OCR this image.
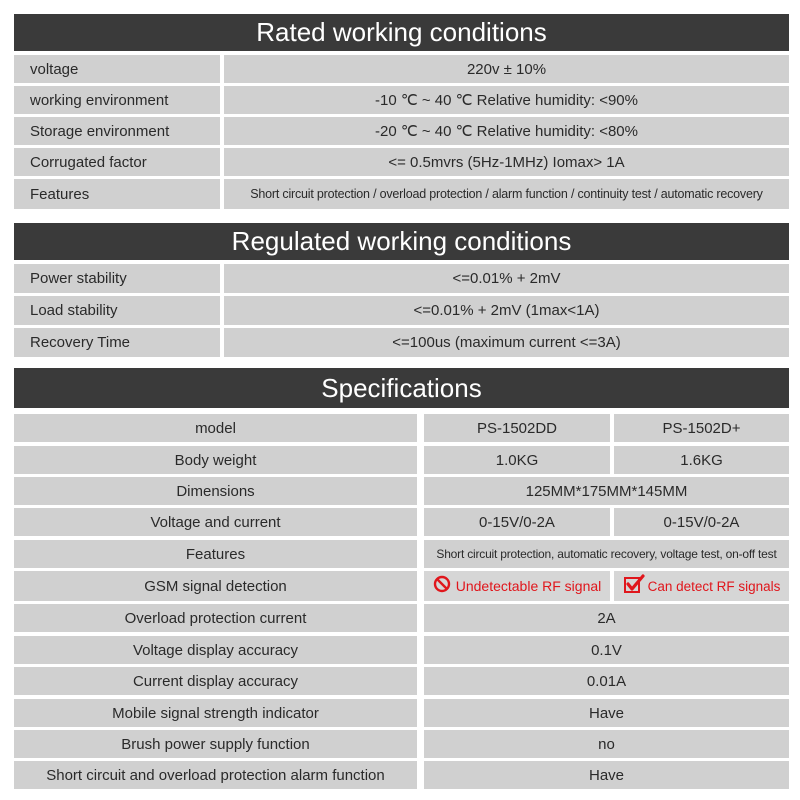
Rated working conditions
voltage	220v ± 10%
working environment	-10 ℃ ~ 40 ℃ Relative humidity: <90%
Storage environment	-20 ℃ ~ 40 ℃ Relative humidity: <80%
Corrugated factor	<= 0.5mvrs (5Hz-1MHz) Iomax> 1A
Features	Short circuit protection / overload protection / alarm function / continuity test / automatic recovery
Regulated working conditions
Power stability	<=0.01% + 2mV
Load stability	<=0.01% + 2mV (1max<1A)
Recovery Time	<=100us (maximum current <=3A)
Specifications
model	PS-1502DD	PS-1502D+
Body weight	1.0KG	1.6KG
Dimensions	125MM*175MM*145MM
Voltage and current	0-15V/0-2A	0-15V/0-2A
Features	Short circuit protection, automatic recovery, voltage test, on-off test
GSM signal detection	Undetectable RF signal	Can detect RF signals
Overload protection current	2A
Voltage display accuracy	0.1V
Current display accuracy	0.01A
Mobile signal strength indicator	Have
Brush power supply function	no
Short circuit and overload protection alarm function	Have
